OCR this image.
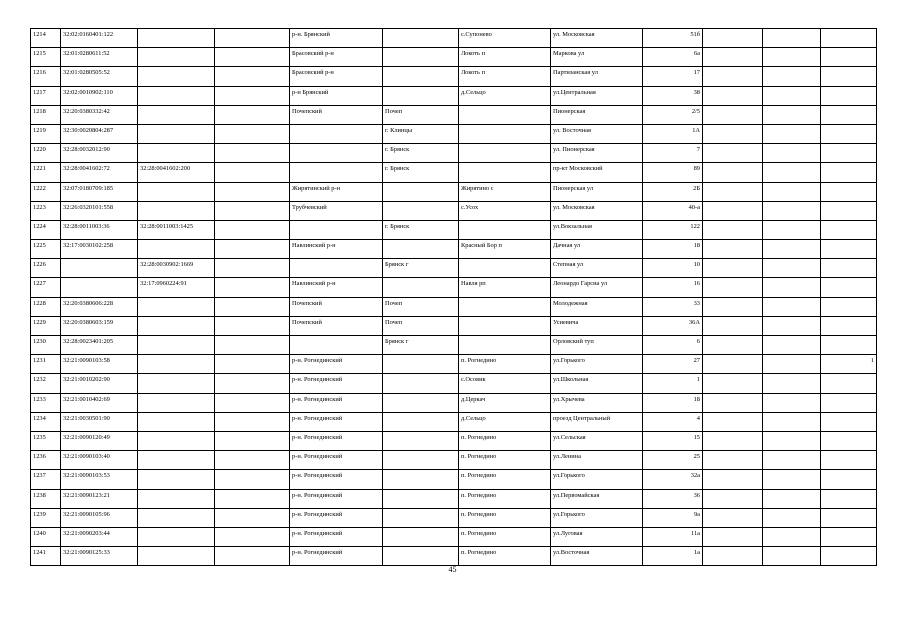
1214	32:02:0160401:122			р-н. Брянский		с.Супонево	ул. Московская	51б			
1215	32:01:0280611:52			Брасовский р-н		Локоть п	Маркова ул	6а			
1216	32:01:0280505:52			Брасовский р-н		Локоть п	Партизанская ул	17			
1217	32:02:0010902:110			р-н Брянский		д.Сельцо	ул.Центральная	38			
1218	32:20:0380332:42			Почепский	Почеп		Пионерская	2/5			
1219	32:30:0020804:287				г. Клинцы		ул. Восточная	1А			
1220	32:28:0032012:90				г. Брянск		ул. Пионерская	7			
1221	32:28:0041602:72	32:28:0041602:200			г. Брянск		пр-кт Московский	89			
1222	32:07:0180709:185			Жирятинский р-н		Жирятино с	Пионерская ул	2Б			
1223	32:26:0320101:558			Трубчевский		с.Усох	ул. Московская	40-а			
1224	32:28:0011003:36	32:28:0011003:1425			г. Брянск		ул.Вокзальная	122			
1225	32:17:0030102:258			Навлинский р-н		Красный Бор п	Дачная ул	18			
1226		32:28:0030902:1669			Брянск г		Степная ул	10			
1227		32:17:0960224:91		Навлинский р-н		Навля рп	Леонардо Гарсиа ул	16			
1228	32:20:0380606:228			Почепский	Почеп		Молодежная	33			
1229	32:20:0380603:159			Почепский	Почеп		Усиевича	36А			
1230	32:28:0023401:205				Брянск г		Орловский туп	6			
1231	32:21:0090103:58			р-н. Рогнединский		п. Рогнедино	ул.Горького	27			1
1232	32:21:0010202:90			р-н. Рогнединский		с.Осовик	ул.Школьная	1			
1233	32:21:0010402:69			р-н. Рогнединский		д.Церкач	ул.Хрычева	18			
1234	32:21:0030501:90			р-н. Рогнединский		д.Сельцо	проезд Центральный	4			
1235	32:21:0090120:49			р-н. Рогнединский		п. Рогнедино	ул.Сельская	15			
1236	32:21:0090103:40			р-н. Рогнединский		п. Рогнедино	ул.Ленина	25			
1237	32:21:0090103:53			р-н. Рогнединский		п. Рогнедино	ул.Горького	32а			
1238	32:21:0090123:21			р-н. Рогнединский		п. Рогнедино	ул.Первомайская	36			
1239	32:21:0090105:96			р-н. Рогнединский		п. Рогнедино	ул.Горького	9а			
1240	32:21:0090203:44			р-н. Рогнединский		п. Рогнедино	ул.Луговая	11а			
1241	32:21:0090125:33			р-н. Рогнединский		п. Рогнедино	ул.Восточная	1а			
45
